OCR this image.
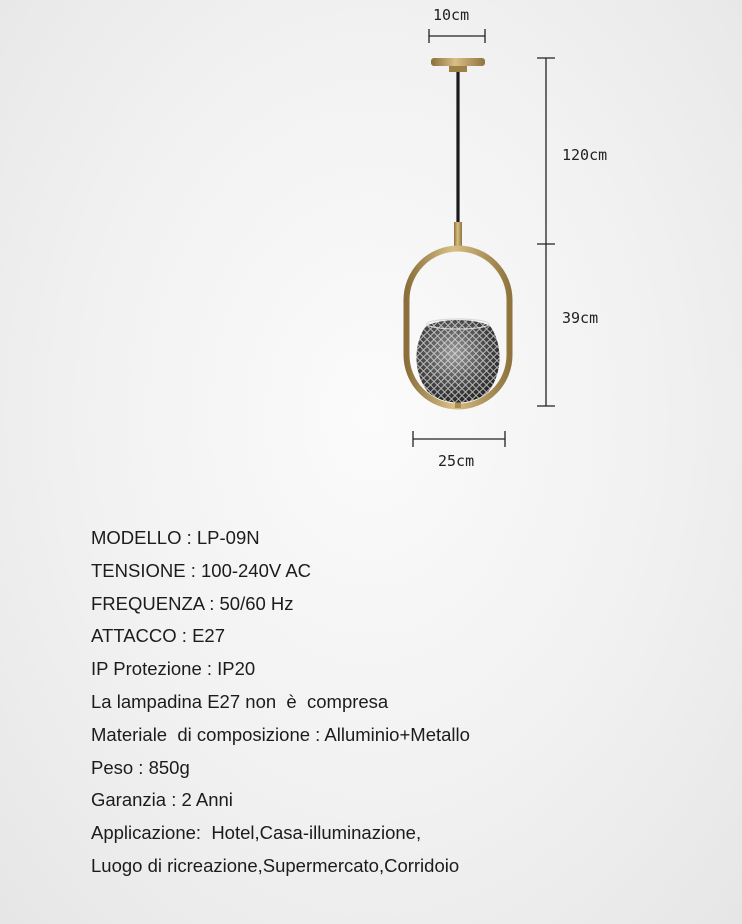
10cm
120cm
39cm
25cm
MODELLO : LP-09N
TENSIONE : 100-240V AC
FREQUENZA : 50/60 Hz
ATTACCO : E27
IP Protezione : IP20
La lampadina E27 non  è  compresa
Materiale  di composizione : Alluminio+Metallo
Peso : 850g
Garanzia : 2 Anni
Applicazione:  Hotel,Casa-illuminazione,
Luogo di ricreazione,Supermercato,Corridoio
